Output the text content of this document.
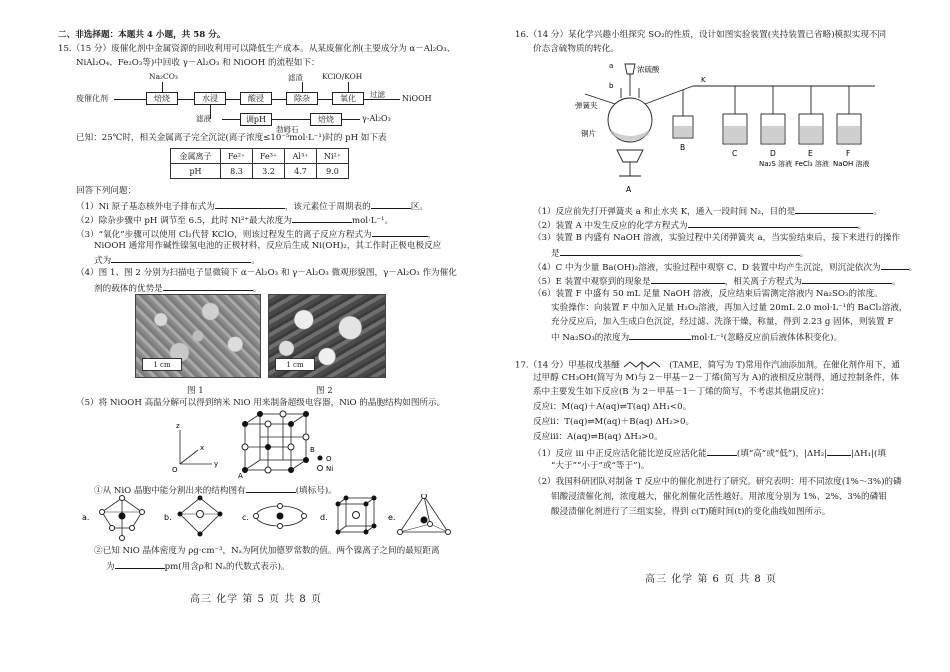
二、非选择题：本题共 4 小题，共 58 分。
15.（15 分）废催化剂中金属资源的回收利用可以降低生产成本。从某废催化剂(主要成分为 α－Al₂O₃、
NiAl₂O₄、Fe₂O₃等)中回收 γ－Al₂O₃ 和 NiOOH 的流程如下：
废催化剂	焙烧
Na₂CO₃
水浸	酸浸	除杂
滤渣
氧化
KClO/KOH
过滤 NiOOH
滤液	调pH
勃姆石
焙烧	γ-Al₂O₃
已知：25℃时，相关金属离子完全沉淀(离子浓度≤10⁻⁵mol·L⁻¹)时的 pH 如下表
金属离子	Fe²⁺	Fe³⁺	Al³⁺	Ni²⁺
pH	8.3	3.2	4.7	9.0
回答下列问题：
（1）Ni 原子基态核外电子排布式为	，该元素位于周期表的	区。
（2）除杂步骤中 pH 调节至 6.5，此时 Ni²⁺最大浓度为	mol·L⁻¹。
（3）“氧化”步骤可以使用 Cl₂代替 KClO，则该过程发生的离子反应方程式为	，
NiOOH 通常用作碱性镍氢电池的正极材料，反应后生成 Ni(OH)₂，其工作时正极电极反应
式为	。
（4）图 1、图 2 分别为扫描电子显微镜下 α－Al₂O₃ 和 γ－Al₂O₃ 微观形貌图，γ－Al₂O₃ 作为催化
剂的载体的优势是	。
1 cm	1 cm
图 1	图 2
（5）将 NiOOH 高温分解可以得到纳米 NiO 用来制备超级电容器，NiO 的晶胞结构如图所示。
z
y
x
O
A
B
O
Ni
①从 NiO 晶胞中能分割出来的结构图有	(填标号)。
a.	b.	c.	d.	e.
②已知 NiO 晶体密度为 ρg·cm⁻³，Nₐ为阿伏加德罗常数的值。两个镍离子之间的最短距离
为	pm(用含ρ和 Nₐ的代数式表示)。
高三 化学 第 5 页 共 8 页
16.（14 分）某化学兴趣小组探究 SO₂的性质，设计如图实验装置(夹持装置已省略)模拟实现不同
价态含硫物质的转化。
a
b
浓硫酸
K
弹簧夹
铜片
A
B
C	D	E	F
Na₂S 溶液 FeCl₃ 溶液 NaOH 溶液
（1）反应前先打开弹簧夹 a 和止水夹 K，通入一段时间 N₂，目的是	。
（2）装置 A 中发生反应的化学方程式为	。
（3）装置 B 内盛有 NaOH 溶液，实验过程中关闭弹簧夹 a，当实验结束后，接下来进行的操作
是	。
（4）C 中为少量 Ba(OH)₂溶液，实验过程中观察 C、D 装置中均产生沉淀，则沉淀依次为	。
（5）E 装置中观察到的现象是	，相关离子方程式为	。
（6）装置 F 中盛有 50 mL 足量 NaOH 溶液，反应结束后需测定溶液内 Na₂SO₃的浓度。
实验操作：向装置 F 中加入足量 H₂O₂溶液，再加入过量 20mL 2.0 mol·L⁻¹的 BaCl₂溶液，
充分反应后，加入生成白色沉淀，经过滤、洗涤干燥，称量，得到 2.23 g 固体，则装置 F
中 Na₂SO₃的浓度为	mol·L⁻¹(忽略反应前后液体体积变化)。
17.（14 分）甲基叔戊基醚	(TAME，简写为 T)常用作汽油添加剂。在催化剂作用下，通
过甲醇 CH₃OH(简写为 M)与 2－甲基－2－丁烯(简写为 A)的液相反应制得，通过控制条件，体
系中主要发生如下反应(B 为 2－甲基－1－丁烯的简写，不考虑其他副反应)：
反应ⅰ：M(aq)＋A(aq)⇌T(aq) ΔH₁<0。
反应ⅱ：T(aq)⇌M(aq)＋B(aq) ΔH₂>0。
反应ⅲ：A(aq)⇌B(aq) ΔH₃>0。
（1）反应 ⅲ 中正反应活化能比逆反应活化能	(填“高”或“低”)，|ΔH₂|	|ΔH₁|(填
“大于”“小于”或“等于”)。
（2）我国科研团队对制备 T 反应中的催化剂进行了研究。研究表明：用不同浓度(1%～3%)的磷
钼酸浸渍催化剂，浓度越大，催化剂催化活性越好。用浓度分别为 1%、2%、3%的磷钼
酸浸渍催化剂进行了三组实验，得到 c(T)随时间(t)的变化曲线如图所示。
高三 化学 第 6 页 共 8 页
